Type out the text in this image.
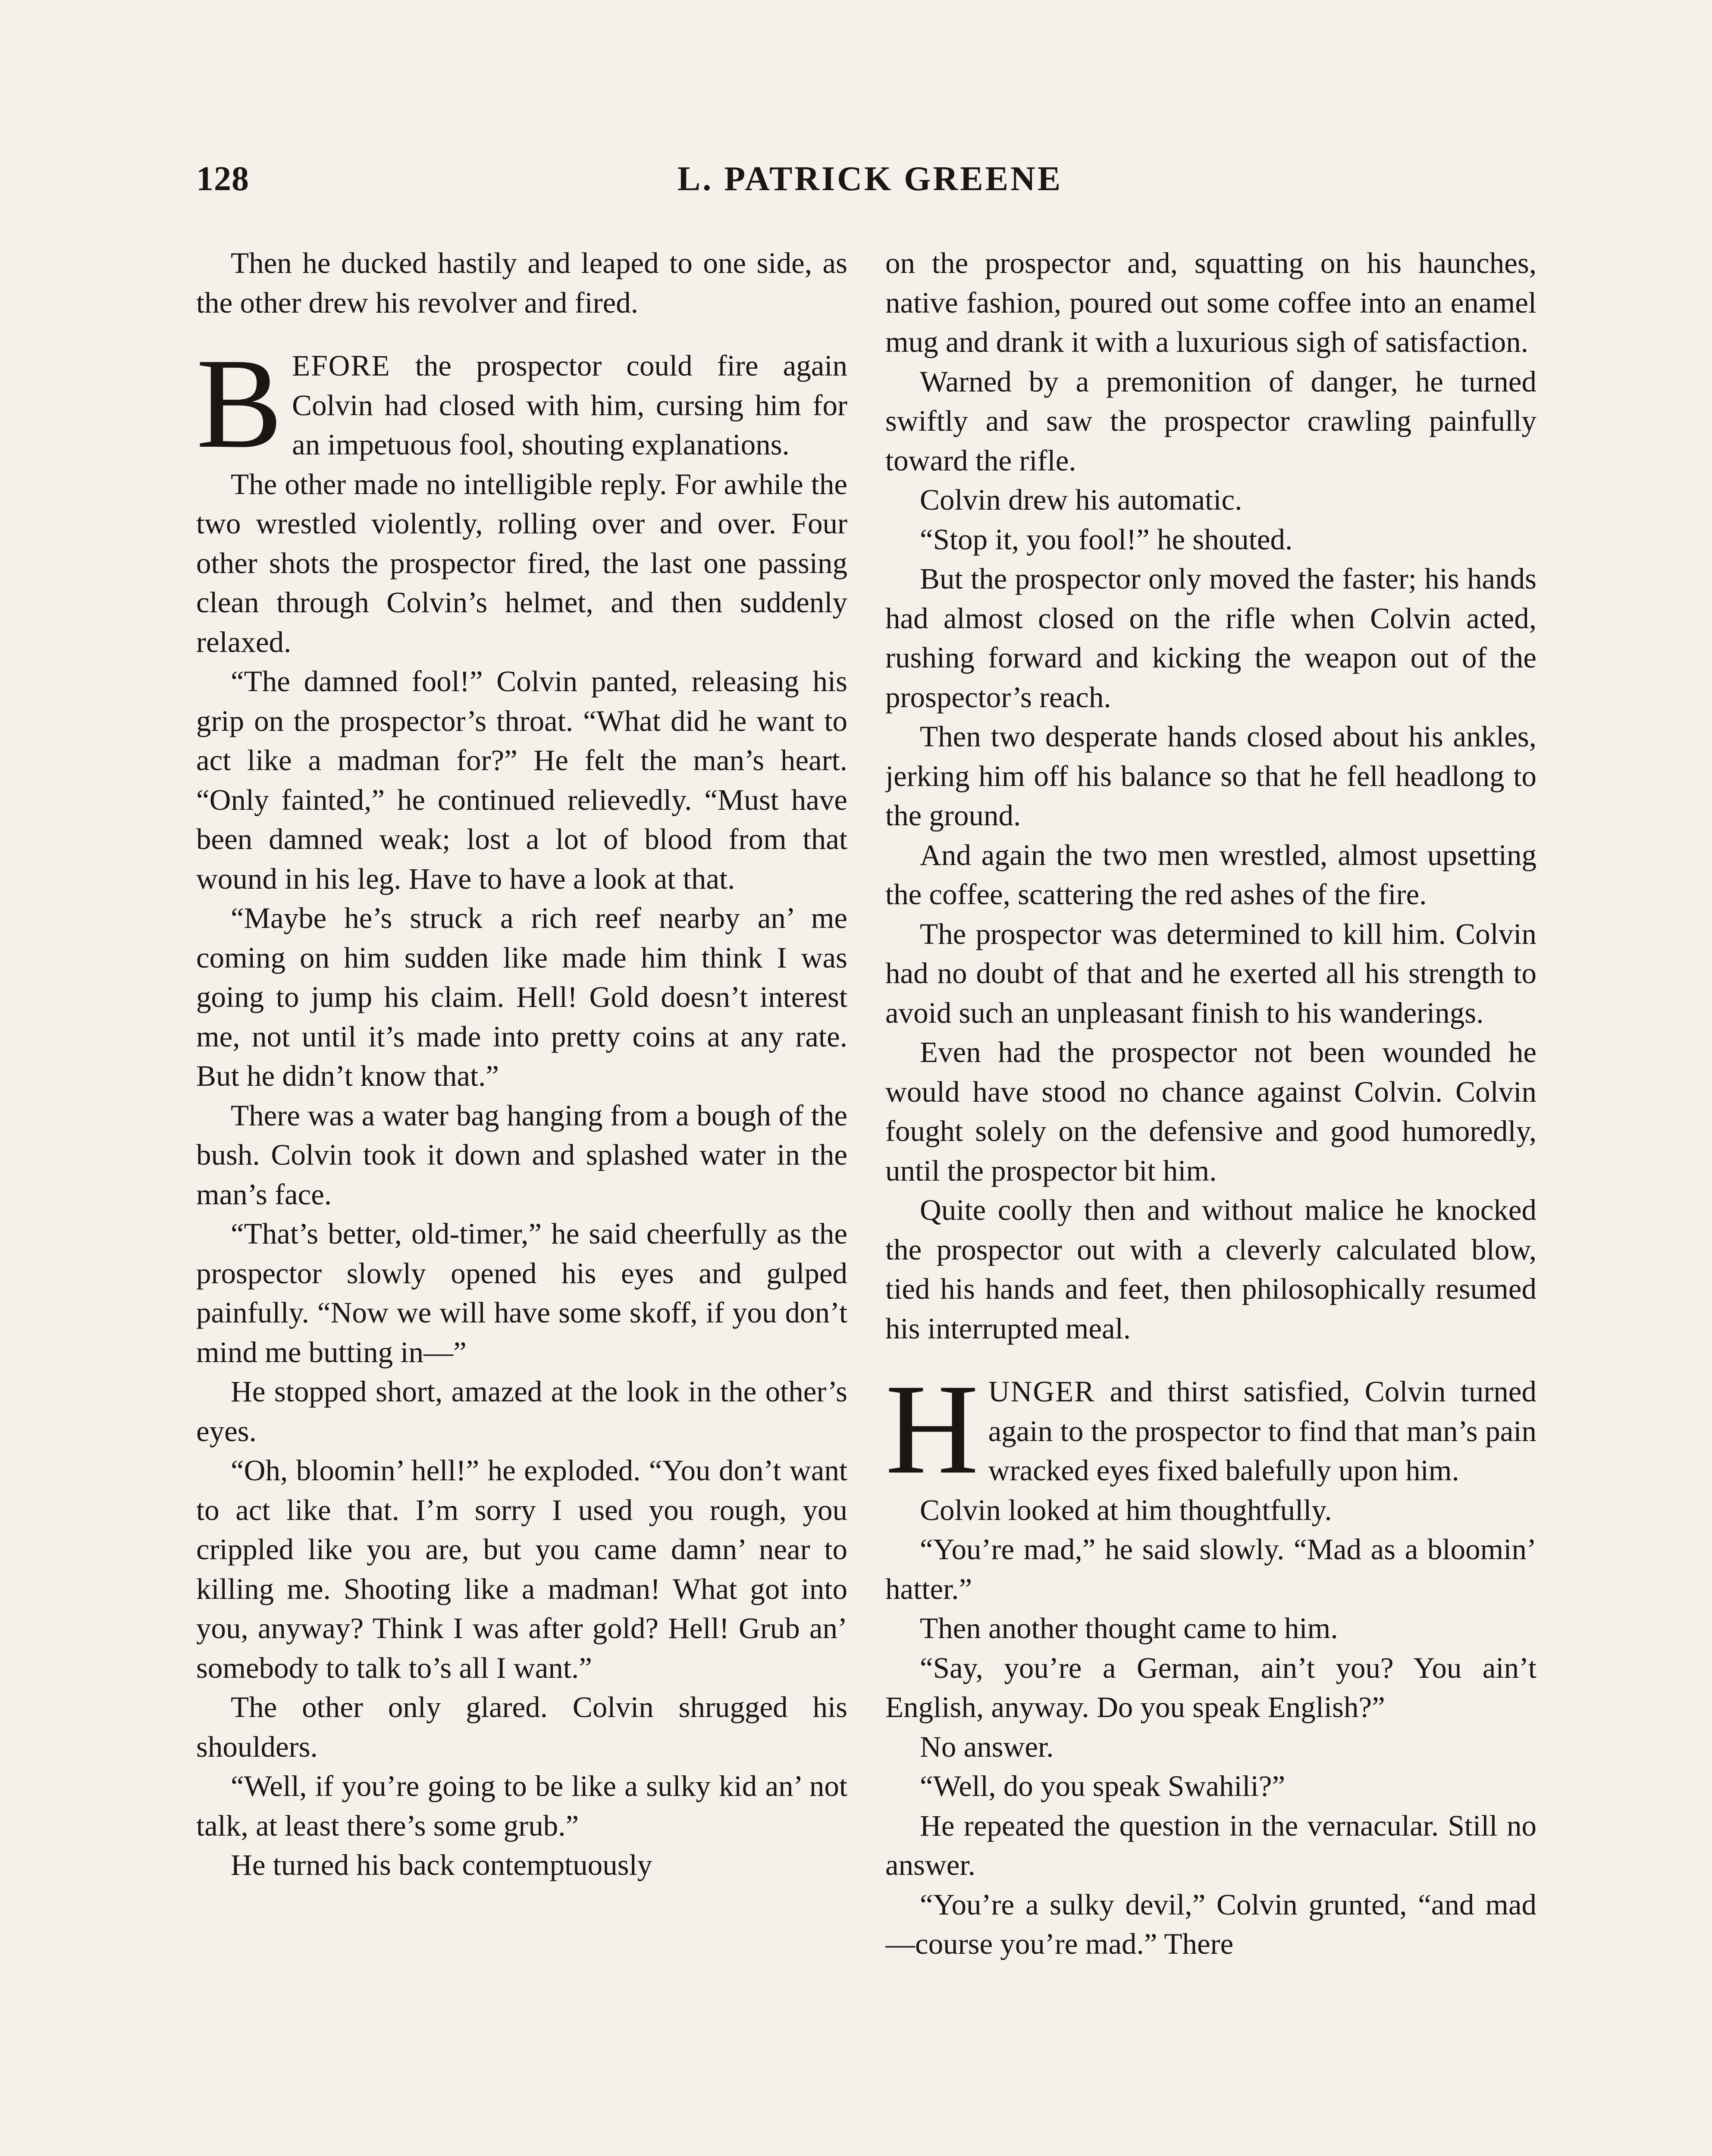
128	L. PATRICK GREENE

Then he ducked hastily and leaped to one side, as the other drew his revolver and fired.

BEFORE the prospector could fire again Colvin had closed with him, cursing him for an impetuous fool, shouting explanations.

The other made no intelligible reply. For awhile the two wrestled violently, rolling over and over. Four other shots the prospector fired, the last one passing clean through Colvin’s helmet, and then suddenly relaxed.

“The damned fool!” Colvin panted, releasing his grip on the prospector’s throat. “What did he want to act like a madman for?” He felt the man’s heart. “Only fainted,” he continued relievedly. “Must have been damned weak; lost a lot of blood from that wound in his leg. Have to have a look at that.

“Maybe he’s struck a rich reef nearby an’ me coming on him sudden like made him think I was going to jump his claim. Hell! Gold doesn’t interest me, not until it’s made into pretty coins at any rate. But he didn’t know that.”

There was a water bag hanging from a bough of the bush. Colvin took it down and splashed water in the man’s face.

“That’s better, old-timer,” he said cheerfully as the prospector slowly opened his eyes and gulped painfully. “Now we will have some skoff, if you don’t mind me butting in—”

He stopped short, amazed at the look in the other’s eyes.

“Oh, bloomin’ hell!” he exploded. “You don’t want to act like that. I’m sorry I used you rough, you crippled like you are, but you came damn’ near to killing me. Shooting like a madman! What got into you, anyway? Think I was after gold? Hell! Grub an’ somebody to talk to’s all I want.”

The other only glared. Colvin shrugged his shoulders.

“Well, if you’re going to be like a sulky kid an’ not talk, at least there’s some grub.”

He turned his back contemptuously

on the prospector and, squatting on his haunches, native fashion, poured out some coffee into an enamel mug and drank it with a luxurious sigh of satisfaction.

Warned by a premonition of danger, he turned swiftly and saw the prospector crawling painfully toward the rifle.

Colvin drew his automatic.

“Stop it, you fool!” he shouted.

But the prospector only moved the faster; his hands had almost closed on the rifle when Colvin acted, rushing forward and kicking the weapon out of the prospector’s reach.

Then two desperate hands closed about his ankles, jerking him off his balance so that he fell headlong to the ground.

And again the two men wrestled, almost upsetting the coffee, scattering the red ashes of the fire.

The prospector was determined to kill him. Colvin had no doubt of that and he exerted all his strength to avoid such an unpleasant finish to his wanderings.

Even had the prospector not been wounded he would have stood no chance against Colvin. Colvin fought solely on the defensive and good humoredly, until the prospector bit him.

Quite coolly then and without malice he knocked the prospector out with a cleverly calculated blow, tied his hands and feet, then philosophically resumed his interrupted meal.

HUNGER and thirst satisfied, Colvin turned again to the prospector to find that man’s pain wracked eyes fixed balefully upon him.

Colvin looked at him thoughtfully.

“You’re mad,” he said slowly. “Mad as a bloomin’ hatter.”

Then another thought came to him.

“Say, you’re a German, ain’t you? You ain’t English, anyway. Do you speak English?”

No answer.

“Well, do you speak Swahili?”

He repeated the question in the vernacular. Still no answer.

“You’re a sulky devil,” Colvin grunted, “and mad—course you’re mad.” There
